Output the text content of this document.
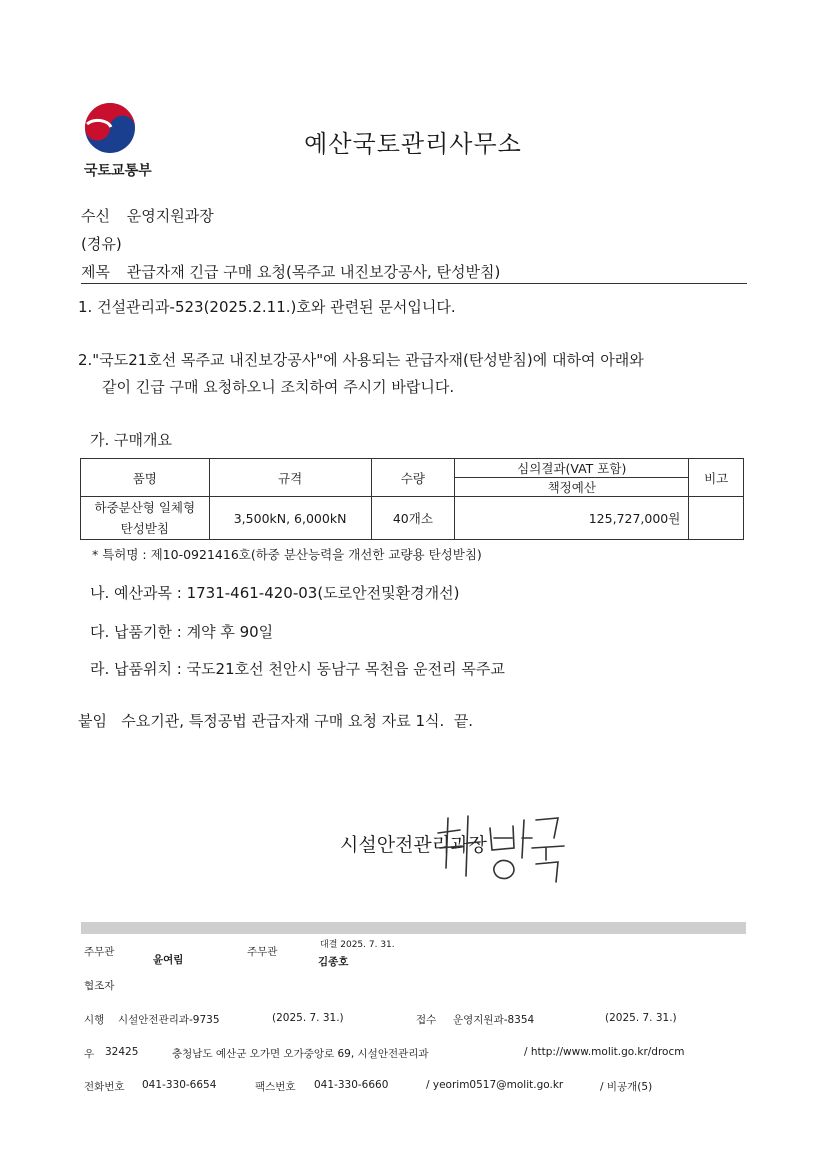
국토교통부
예산국토관리사무소
수신 운영지원과장
(경유)
제목 관급자재 긴급 구매 요청(목주교 내진보강공사, 탄성받침)
1. 건설관리과-523(2025.2.11.)호와 관련된 문서입니다.
2."국도21호선 목주교 내진보강공사"에 사용되는 관급자재(탄성받침)에 대하여 아래와
같이 긴급 구매 요청하오니 조치하여 주시기 바랍니다.
가. 구매개요
품명	규격	수량	심의결과(VAT 포함)	비고
			책정예산	

하중분산형 일체형
탄성받침	3,500kN, 6,000kN	40개소	125,727,000원	
* 특허명 : 제10-0921416호(하중 분산능력을 개선한 교량용 탄성받침)
나. 예산과목 : 1731-461-420-03(도로안전및환경개선)
다. 납품기한 : 계약 후 90일
라. 납품위치 : 국도21호선 천안시 동남구 목천읍 운전리 목주교
붙임   수요기관, 특정공법 관급자재 구매 요청 자료 1식.  끝.
시설안전관리과장
주무관
윤여림
주무관
대결 2025. 7. 31.
김종호
협조자
시행 시설안전관리과-9735	(2025. 7. 31.)	접수 운영지원과-8354	(2025. 7. 31.)
우 32425	충청남도 예산군 오가면 오가중앙로 69, 시설안전관리과	/ http://www.molit.go.kr/drocm
전화번호 041-330-6654	팩스번호 041-330-6660	/ yeorim0517@molit.go.kr	/ 비공개(5)
